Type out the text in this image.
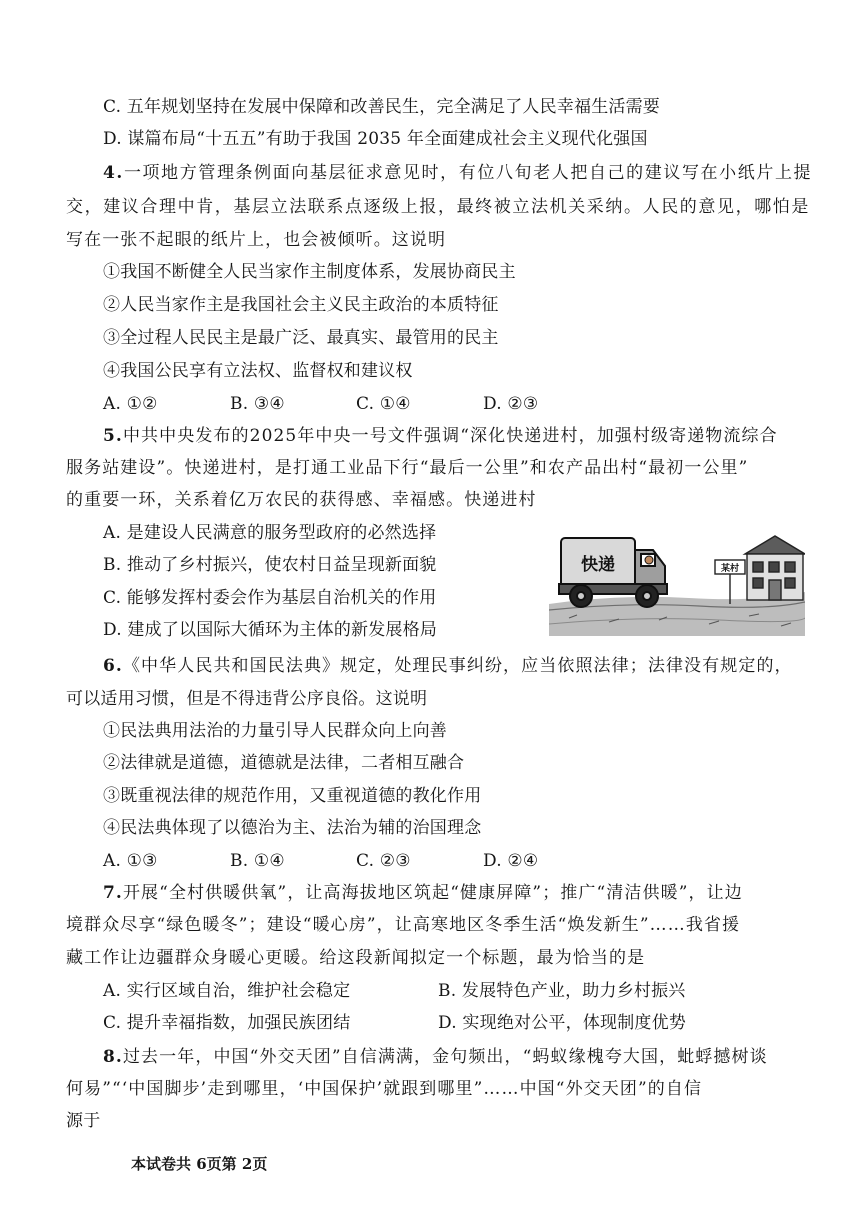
C. 五年规划坚持在发展中保障和改善民生，完全满足了人民幸福生活需要
D. 谋篇布局“十五五”有助于我国 2035 年全面建成社会主义现代化强国
4.一项地方管理条例面向基层征求意见时，有位八旬老人把自己的建议写在小纸片上提
交，建议合理中肯，基层立法联系点逐级上报，最终被立法机关采纳。人民的意见，哪怕是
写在一张不起眼的纸片上，也会被倾听。这说明
①我国不断健全人民当家作主制度体系，发展协商民主
②人民当家作主是我国社会主义民主政治的本质特征
③全过程人民民主是最广泛、最真实、最管用的民主
④我国公民享有立法权、监督权和建议权
A. ①②	B. ③④	C. ①④	D. ②③
5.中共中央发布的2025年中央一号文件强调“深化快递进村，加强村级寄递物流综合
服务站建设”。快递进村，是打通工业品下行“最后一公里”和农产品出村“最初一公里”
的重要一环，关系着亿万农民的获得感、幸福感。快递进村
A. 是建设人民满意的服务型政府的必然选择
B. 推动了乡村振兴，使农村日益呈现新面貌
C. 能够发挥村委会作为基层自治机关的作用
D. 建成了以国际大循环为主体的新发展格局
某村
快递
6.《中华人民共和国民法典》规定，处理民事纠纷，应当依照法律；法律没有规定的，
可以适用习惯，但是不得违背公序良俗。这说明
①民法典用法治的力量引导人民群众向上向善
②法律就是道德，道德就是法律，二者相互融合
③既重视法律的规范作用，又重视道德的教化作用
④民法典体现了以德治为主、法治为辅的治国理念
A. ①③	B. ①④	C. ②③	D. ②④
7.开展“全村供暖供氧”，让高海拔地区筑起“健康屏障”；推广“清洁供暖”，让边
境群众尽享“绿色暖冬”；建设“暖心房”，让高寒地区冬季生活“焕发新生”……我省援
藏工作让边疆群众身暖心更暖。给这段新闻拟定一个标题，最为恰当的是
A. 实行区域自治，维护社会稳定	B. 发展特色产业，助力乡村振兴
C. 提升幸福指数，加强民族团结	D. 实现绝对公平，体现制度优势
8.过去一年，中国“外交天团”自信满满，金句频出，“蚂蚁缘槐夸大国，蚍蜉撼树谈
何易”“‘中国脚步’走到哪里，‘中国保护’就跟到哪里”……中国“外交天团”的自信
源于
本试卷共 6页第 2页
